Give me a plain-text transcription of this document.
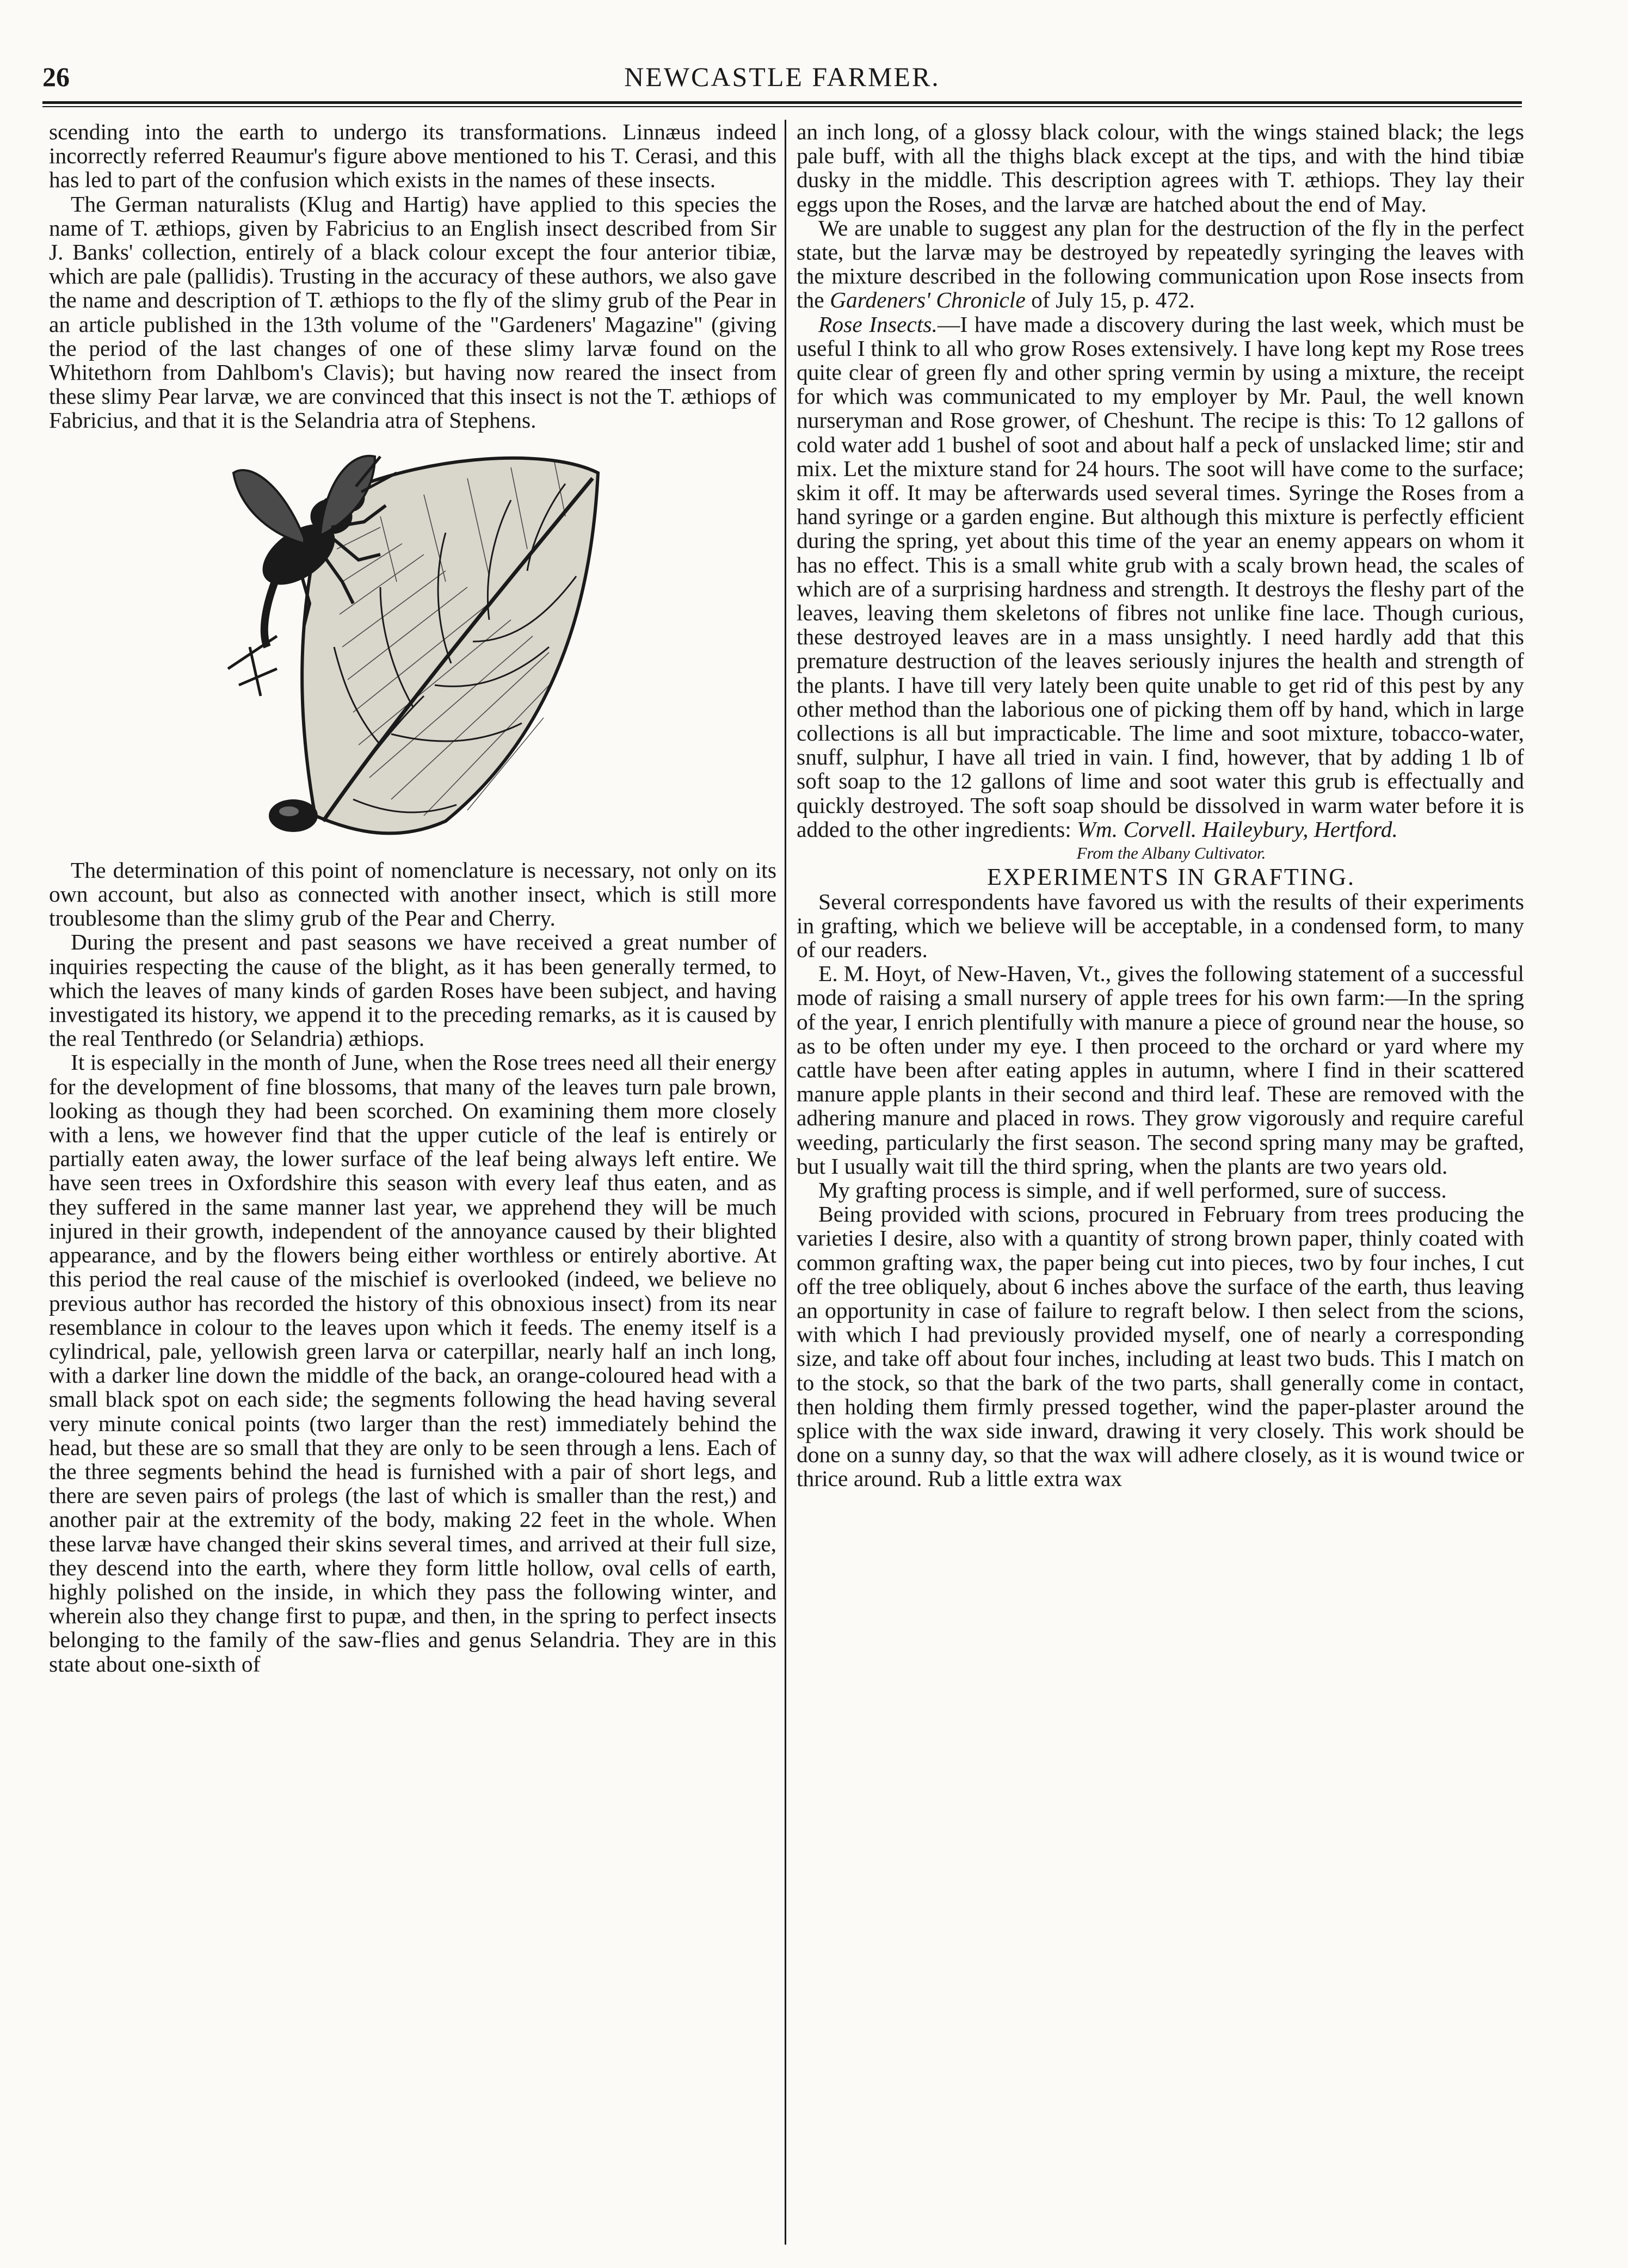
26	NEWCASTLE FARMER.

scending into the earth to undergo its transformations. Linnæus indeed incorrectly referred Reaumur's figure above mentioned to his T. Cerasi, and this has led to part of the confusion which exists in the names of these insects.

The German naturalists (Klug and Hartig) have applied to this species the name of T. æthiops, given by Fabricius to an English insect described from Sir J. Banks' collection, entirely of a black colour except the four anterior tibiæ, which are pale (pallidis). Trusting in the accuracy of these authors, we also gave the name and description of T. æthiops to the fly of the slimy grub of the Pear in an article published in the 13th volume of the "Gardeners' Magazine" (giving the period of the last changes of one of these slimy larvæ found on the Whitethorn from Dahlbom's Clavis); but having now reared the insect from these slimy Pear larvæ, we are convinced that this insect is not the T. æthiops of Fabricius, and that it is the Selandria atra of Stephens.

The determination of this point of nomenclature is necessary, not only on its own account, but also as connected with another insect, which is still more troublesome than the slimy grub of the Pear and Cherry.

During the present and past seasons we have received a great number of inquiries respecting the cause of the blight, as it has been generally termed, to which the leaves of many kinds of garden Roses have been subject, and having investigated its history, we append it to the preceding remarks, as it is caused by the real Tenthredo (or Selandria) æthiops.

It is especially in the month of June, when the Rose trees need all their energy for the development of fine blossoms, that many of the leaves turn pale brown, looking as though they had been scorched. On examining them more closely with a lens, we however find that the upper cuticle of the leaf is entirely or partially eaten away, the lower surface of the leaf being always left entire. We have seen trees in Oxfordshire this season with every leaf thus eaten, and as they suffered in the same manner last year, we apprehend they will be much injured in their growth, independent of the annoyance caused by their blighted appearance, and by the flowers being either worthless or entirely abortive. At this period the real cause of the mischief is overlooked (indeed, we believe no previous author has recorded the history of this obnoxious insect) from its near resemblance in colour to the leaves upon which it feeds. The enemy itself is a cylindrical, pale, yellowish green larva or caterpillar, nearly half an inch long, with a darker line down the middle of the back, an orange-coloured head with a small black spot on each side; the segments following the head having several very minute conical points (two larger than the rest) immediately behind the head, but these are so small that they are only to be seen through a lens. Each of the three segments behind the head is furnished with a pair of short legs, and there are seven pairs of prolegs (the last of which is smaller than the rest,) and another pair at the extremity of the body, making 22 feet in the whole. When these larvæ have changed their skins several times, and arrived at their full size, they descend into the earth, where they form little hollow, oval cells of earth, highly polished on the inside, in which they pass the following winter, and wherein also they change first to pupæ, and then, in the spring to perfect insects belonging to the family of the saw-flies and genus Selandria. They are in this state about one-sixth of

an inch long, of a glossy black colour, with the wings stained black; the legs pale buff, with all the thighs black except at the tips, and with the hind tibiæ dusky in the middle. This description agrees with T. æthiops. They lay their eggs upon the Roses, and the larvæ are hatched about the end of May.

We are unable to suggest any plan for the destruction of the fly in the perfect state, but the larvæ may be destroyed by repeatedly syringing the leaves with the mixture described in the following communication upon Rose insects from the Gardeners' Chronicle of July 15, p. 472.

Rose Insects.—I have made a discovery during the last week, which must be useful I think to all who grow Roses extensively. I have long kept my Rose trees quite clear of green fly and other spring vermin by using a mixture, the receipt for which was communicated to my employer by Mr. Paul, the well known nurseryman and Rose grower, of Cheshunt. The recipe is this: To 12 gallons of cold water add 1 bushel of soot and about half a peck of unslacked lime; stir and mix. Let the mixture stand for 24 hours. The soot will have come to the surface; skim it off. It may be afterwards used several times. Syringe the Roses from a hand syringe or a garden engine. But although this mixture is perfectly efficient during the spring, yet about this time of the year an enemy appears on whom it has no effect. This is a small white grub with a scaly brown head, the scales of which are of a surprising hardness and strength. It destroys the fleshy part of the leaves, leaving them skeletons of fibres not unlike fine lace. Though curious, these destroyed leaves are in a mass unsightly. I need hardly add that this premature destruction of the leaves seriously injures the health and strength of the plants. I have till very lately been quite unable to get rid of this pest by any other method than the laborious one of picking them off by hand, which in large collections is all but impracticable. The lime and soot mixture, tobacco-water, snuff, sulphur, I have all tried in vain. I find, however, that by adding 1 lb of soft soap to the 12 gallons of lime and soot water this grub is effectually and quickly destroyed. The soft soap should be dissolved in warm water before it is added to the other ingredients: Wm. Corvell. Haileybury, Hertford.

From the Albany Cultivator.

EXPERIMENTS IN GRAFTING.

Several correspondents have favored us with the results of their experiments in grafting, which we believe will be acceptable, in a condensed form, to many of our readers.

E. M. Hoyt, of New-Haven, Vt., gives the following statement of a successful mode of raising a small nursery of apple trees for his own farm:—In the spring of the year, I enrich plentifully with manure a piece of ground near the house, so as to be often under my eye. I then proceed to the orchard or yard where my cattle have been after eating apples in autumn, where I find in their scattered manure apple plants in their second and third leaf. These are removed with the adhering manure and placed in rows. They grow vigorously and require careful weeding, particularly the first season. The second spring many may be grafted, but I usually wait till the third spring, when the plants are two years old.

My grafting process is simple, and if well performed, sure of success.

Being provided with scions, procured in February from trees producing the varieties I desire, also with a quantity of strong brown paper, thinly coated with common grafting wax, the paper being cut into pieces, two by four inches, I cut off the tree obliquely, about 6 inches above the surface of the earth, thus leaving an opportunity in case of failure to regraft below. I then select from the scions, with which I had previously provided myself, one of nearly a corresponding size, and take off about four inches, including at least two buds. This I match on to the stock, so that the bark of the two parts, shall generally come in contact, then holding them firmly pressed together, wind the paper-plaster around the splice with the wax side inward, drawing it very closely. This work should be done on a sunny day, so that the wax will adhere closely, as it is wound twice or thrice around. Rub a little extra wax
